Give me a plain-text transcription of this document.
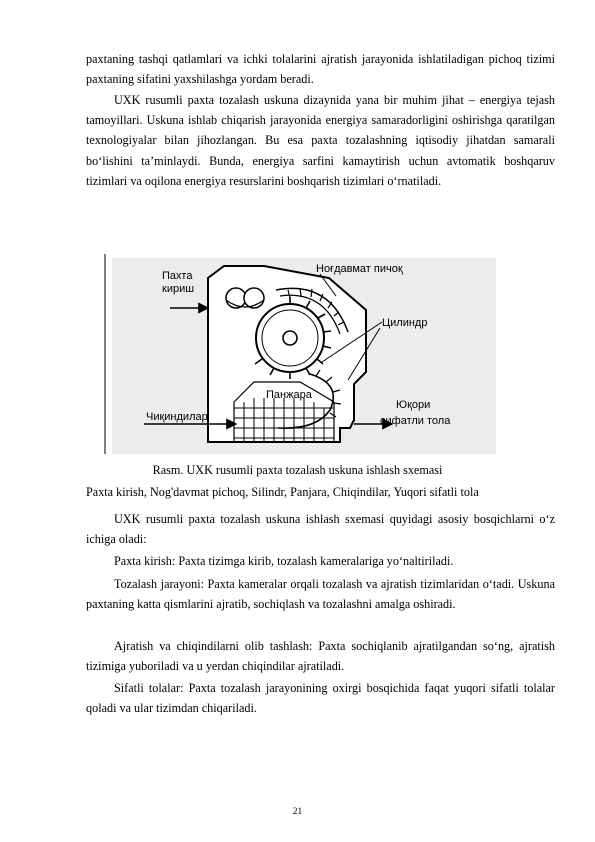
paxtaning tashqi qatlamlari va ichki tolalarini ajratish jarayonida ishlatiladigan pichoq tizimi paxtaning sifatini yaxshilashga yordam beradi.

UXK rusumli paxta tozalash uskuna dizaynida yana bir muhim jihat – energiya tejash tamoyillari. Uskuna ishlab chiqarish jarayonida energiya samaradorligini oshirishga qaratilgan texnologiyalar bilan jihozlangan. Bu esa paxta tozalashning iqtisodiy jihatdan samarali bo‘lishini ta’minlaydi. Bunda, energiya sarfini kamaytirish uchun avtomatik boshqaruv tizimlari va oqilona energiya resurslarini boshqarish tizimlari o‘rnatiladi.

Пахта
кириш
Ноғдавмат пичоқ
Цилиндр
Панжара
Чиқиндилар
Юқори
сифатли тола
Rasm. UXK rusumli paxta tozalash uskuna ishlash sxemasi
Paxta kirish, Nog'davmat pichoq, Silindr, Panjara, Chiqindilar, Yuqori sifatli tola

UXK rusumli paxta tozalash uskuna ishlash sxemasi quyidagi asosiy bosqichlarni o‘z ichiga oladi:

Paxta kirish: Paxta tizimga kirib, tozalash kameralariga yo‘naltiriladi.

Tozalash jarayoni: Paxta kameralar orqali tozalash va ajratish tizimlaridan o‘tadi. Uskuna paxtaning katta qismlarini ajratib, sochiqlash va tozalashni amalga oshiradi.

Ajratish va chiqindilarni olib tashlash: Paxta sochiqlanib ajratilgandan so‘ng, ajratish tizimiga yuboriladi va u yerdan chiqindilar ajratiladi.

Sifatli tolalar: Paxta tozalash jarayonining oxirgi bosqichida faqat yuqori sifatli tolalar qoladi va ular tizimdan chiqariladi.

21
